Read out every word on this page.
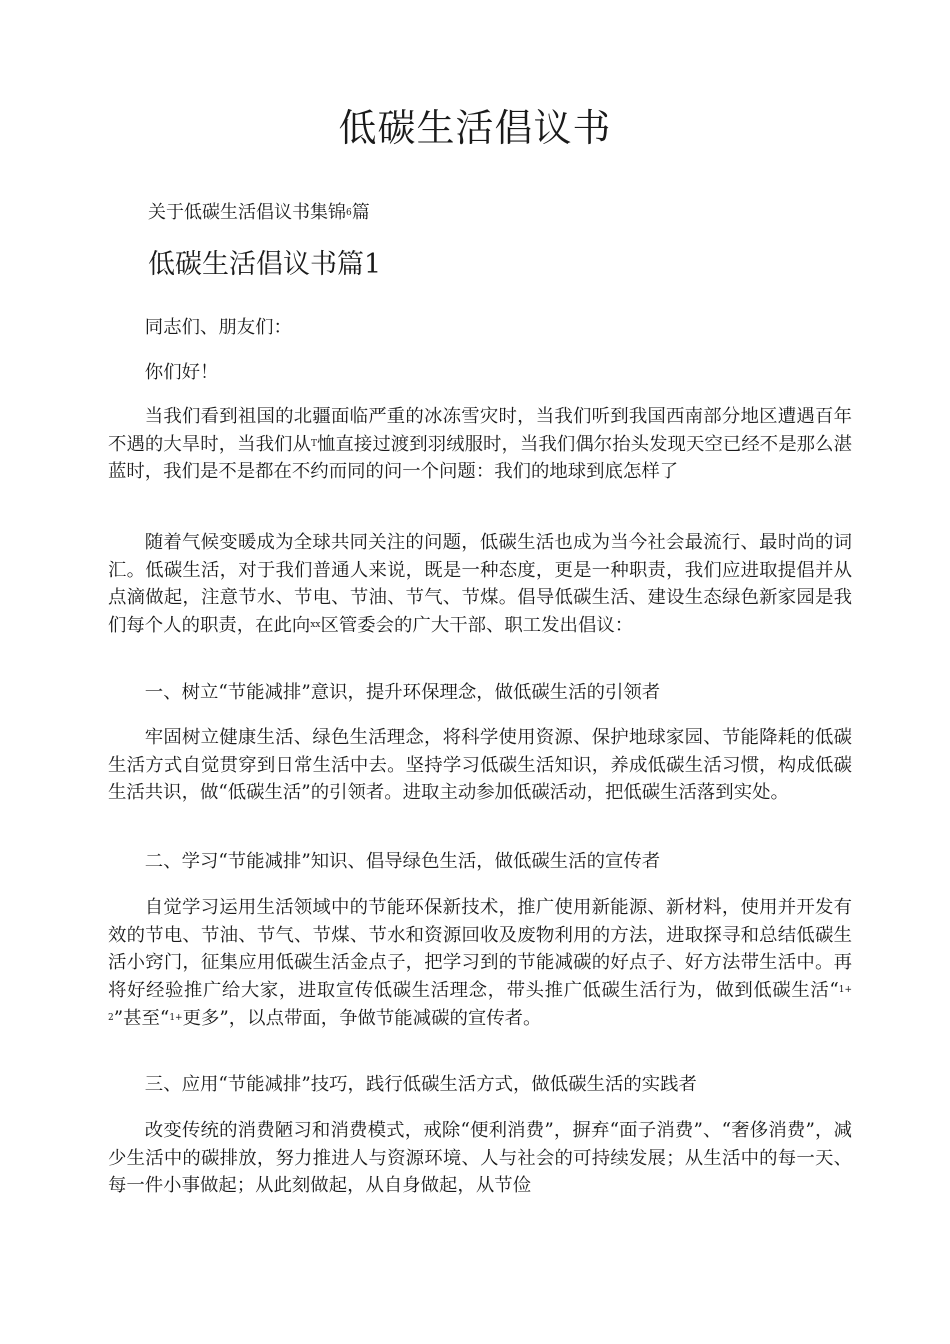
低碳生活倡议书

关于低碳生活倡议书集锦6篇

低碳生活倡议书篇1

同志们、朋友们：

你们好！

当我们看到祖国的北疆面临严重的冰冻雪灾时，当我们听到我国西南部分地区遭遇百年不遇的大旱时，当我们从T恤直接过渡到羽绒服时，当我们偶尔抬头发现天空已经不是那么湛蓝时，我们是不是都在不约而同的问一个问题：我们的地球到底怎样了

随着气候变暖成为全球共同关注的问题，低碳生活也成为当今社会最流行、最时尚的词汇。低碳生活，对于我们普通人来说，既是一种态度，更是一种职责，我们应进取提倡并从点滴做起，注意节水、节电、节油、节气、节煤。倡导低碳生活、建设生态绿色新家园是我们每个人的职责，在此向xx区管委会的广大干部、职工发出倡议：

一、树立“节能减排”意识，提升环保理念，做低碳生活的引领者

牢固树立健康生活、绿色生活理念，将科学使用资源、保护地球家园、节能降耗的低碳生活方式自觉贯穿到日常生活中去。坚持学习低碳生活知识，养成低碳生活习惯，构成低碳生活共识，做“低碳生活”的引领者。进取主动参加低碳活动，把低碳生活落到实处。

二、学习“节能减排”知识、倡导绿色生活，做低碳生活的宣传者

自觉学习运用生活领域中的节能环保新技术，推广使用新能源、新材料，使用并开发有效的节电、节油、节气、节煤、节水和资源回收及废物利用的方法，进取探寻和总结低碳生活小窍门，征集应用低碳生活金点子，把学习到的节能减碳的好点子、好方法带生活中。再将好经验推广给大家，进取宣传低碳生活理念，带头推广低碳生活行为，做到低碳生活“1+2”甚至“1+更多”，以点带面，争做节能减碳的宣传者。

三、应用“节能减排”技巧，践行低碳生活方式，做低碳生活的实践者

改变传统的消费陋习和消费模式，戒除“便利消费”，摒弃“面子消费”、“奢侈消费”，减少生活中的碳排放，努力推进人与资源环境、人与社会的可持续发展；从生活中的每一天、每一件小事做起；从此刻做起，从自身做起，从节俭
